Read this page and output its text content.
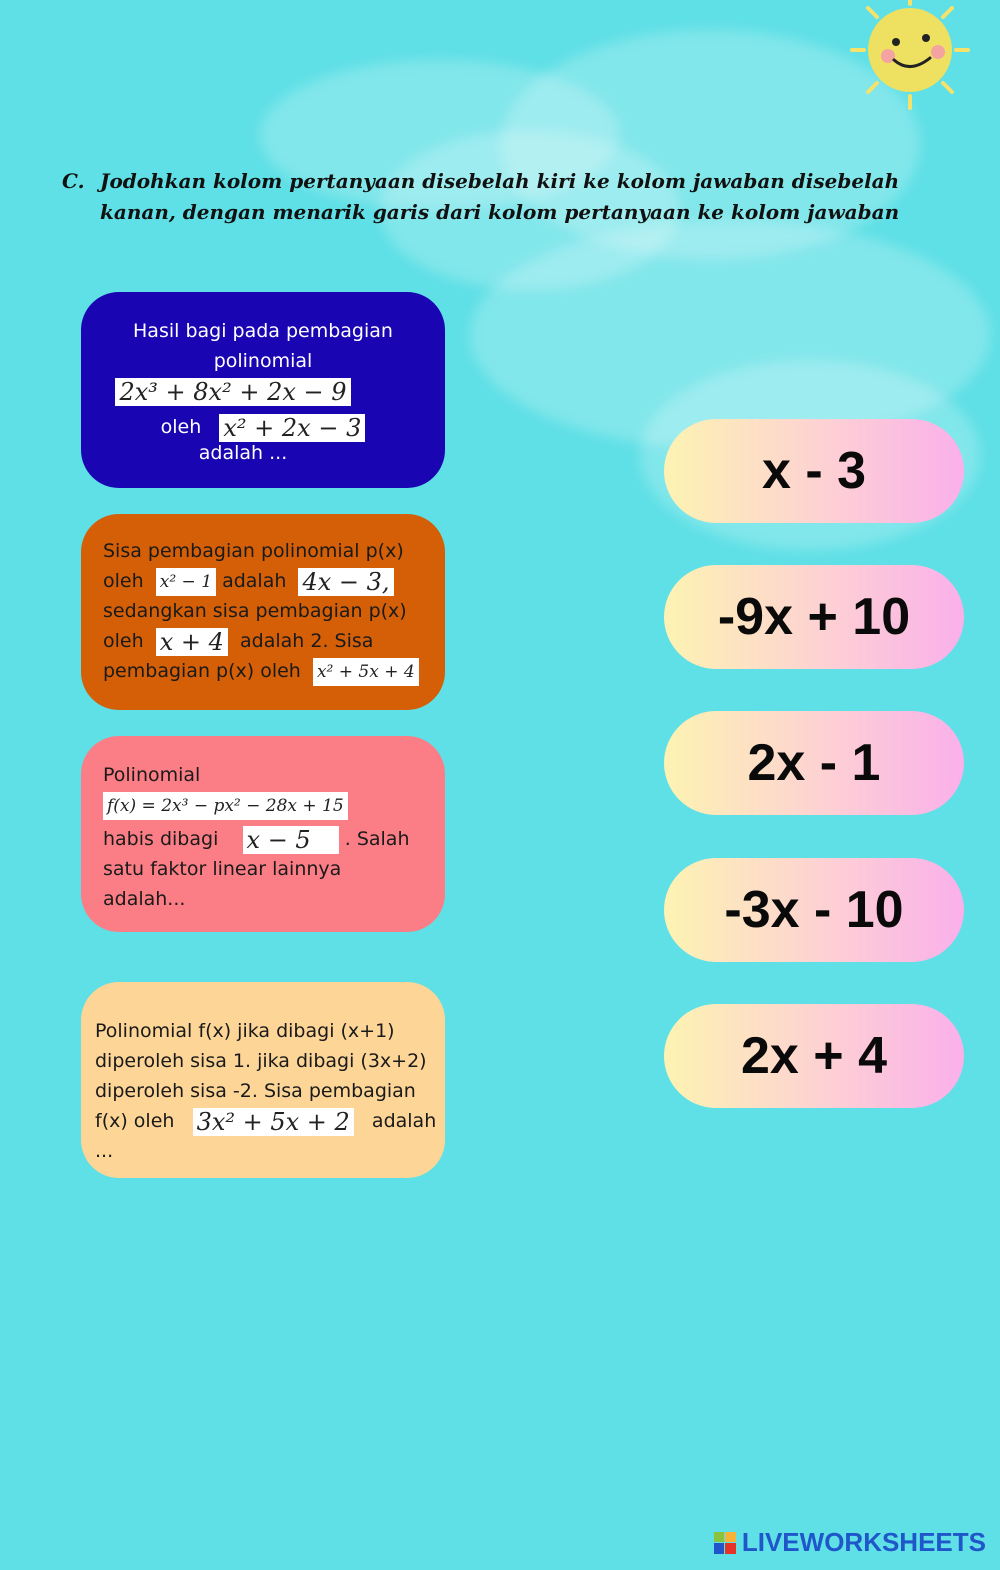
C. Jodohkan kolom pertanyaan disebelah kiri ke kolom jawaban disebelah kanan, dengan menarik garis dari kolom pertanyaan ke kolom jawaban
Hasil bagi pada pembagian
polinomial
2x³ + 8x² + 2x − 9
oleh x² + 2x − 3
adalah ...
Sisa pembagian polinomial p(x)
oleh x² − 1 adalah 4x − 3,
sedangkan sisa pembagian p(x)
oleh x + 4 adalah 2. Sisa
pembagian p(x) oleh x² + 5x + 4
Polinomial
f(x) = 2x³ − px² − 28x + 15
habis dibagi x − 5 . Salah
satu faktor linear lainnya
adalah...
Polinomial f(x) jika dibagi (x+1)
diperoleh sisa 1. jika dibagi (3x+2)
diperoleh sisa -2. Sisa pembagian
f(x) oleh 3x² + 5x + 2 adalah
...
x - 3
-9x + 10
2x - 1
-3x - 10
2x + 4
LIVEWORKSHEETS
